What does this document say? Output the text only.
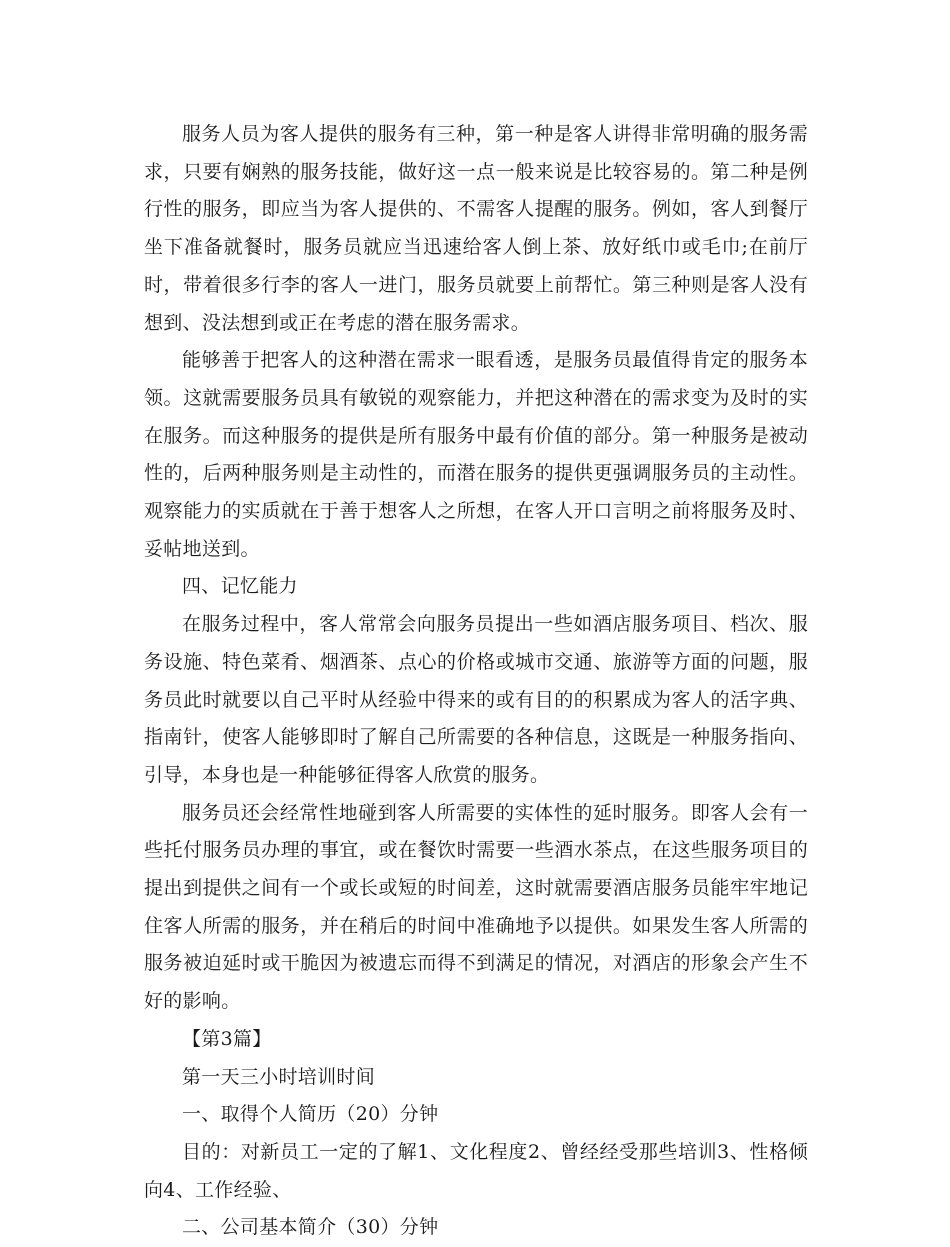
服务人员为客人提供的服务有三种，第一种是客人讲得非常明确的服务需求，只要有娴熟的服务技能，做好这一点一般来说是比较容易的。第二种是例行性的服务，即应当为客人提供的、不需客人提醒的服务。例如，客人到餐厅坐下准备就餐时，服务员就应当迅速给客人倒上茶、放好纸巾或毛巾;在前厅时，带着很多行李的客人一进门，服务员就要上前帮忙。第三种则是客人没有想到、没法想到或正在考虑的潜在服务需求。

能够善于把客人的这种潜在需求一眼看透，是服务员最值得肯定的服务本领。这就需要服务员具有敏锐的观察能力，并把这种潜在的需求变为及时的实在服务。而这种服务的提供是所有服务中最有价值的部分。第一种服务是被动性的，后两种服务则是主动性的，而潜在服务的提供更强调服务员的主动性。观察能力的实质就在于善于想客人之所想，在客人开口言明之前将服务及时、妥帖地送到。

四、记忆能力

在服务过程中，客人常常会向服务员提出一些如酒店服务项目、档次、服务设施、特色菜肴、烟酒茶、点心的价格或城市交通、旅游等方面的问题，服务员此时就要以自己平时从经验中得来的或有目的的积累成为客人的活字典、指南针，使客人能够即时了解自己所需要的各种信息，这既是一种服务指向、引导，本身也是一种能够征得客人欣赏的服务。

服务员还会经常性地碰到客人所需要的实体性的延时服务。即客人会有一些托付服务员办理的事宜，或在餐饮时需要一些酒水茶点，在这些服务项目的提出到提供之间有一个或长或短的时间差，这时就需要酒店服务员能牢牢地记住客人所需的服务，并在稍后的时间中准确地予以提供。如果发生客人所需的服务被迫延时或干脆因为被遗忘而得不到满足的情况，对酒店的形象会产生不好的影响。

【第3篇】

第一天三小时培训时间

一、取得个人简历（20）分钟

目的：对新员工一定的了解1、文化程度2、曾经经受那些培训3、性格倾向4、工作经验、

二、公司基本简介（30）分钟
